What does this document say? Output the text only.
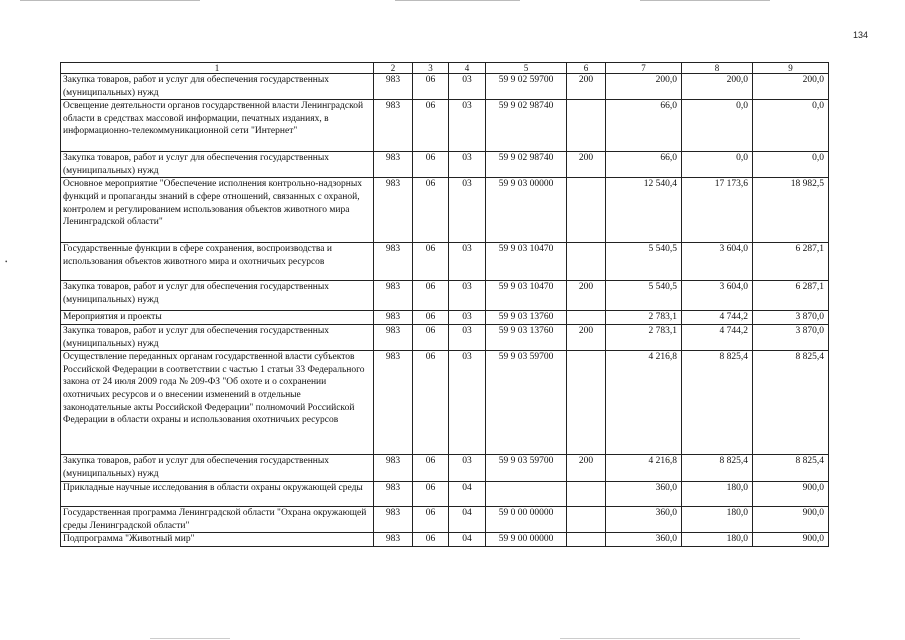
134
•
1	2	3	4	5	6	7	8	9
Закупка товаров, работ и услуг для обеспечения государственных (муниципальных) нужд	983	06	03	59 9 02 59700	200	200,0	200,0	200,0
Освещение деятельности органов государственной власти Ленинградской области в средствах массовой информации, печатных изданиях, в информационно-телекоммуникационной сети "Интернет"	983	06	03	59 9 02 98740		66,0	0,0	0,0
Закупка товаров, работ и услуг для обеспечения государственных (муниципальных) нужд	983	06	03	59 9 02 98740	200	66,0	0,0	0,0
Основное мероприятие "Обеспечение исполнения контрольно-надзорных функций и пропаганды знаний в сфере отношений, связанных с охраной, контролем и регулированием использования объектов животного мира Ленинградской области"	983	06	03	59 9 03 00000		12 540,4	17 173,6	18 982,5
Государственные функции в сфере сохранения, воспроизводства и использования объектов животного мира и охотничьих ресурсов	983	06	03	59 9 03 10470		5 540,5	3 604,0	6 287,1
Закупка товаров, работ и услуг для обеспечения государственных (муниципальных) нужд	983	06	03	59 9 03 10470	200	5 540,5	3 604,0	6 287,1
Мероприятия и проекты	983	06	03	59 9 03 13760		2 783,1	4 744,2	3 870,0
Закупка товаров, работ и услуг для обеспечения государственных (муниципальных) нужд	983	06	03	59 9 03 13760	200	2 783,1	4 744,2	3 870,0
Осуществление переданных органам государственной власти субъектов Российской Федерации в соответствии с частью 1 статьи 33 Федерального закона от 24 июля 2009 года № 209-ФЗ "Об охоте и о сохранении охотничьих ресурсов и о внесении изменений в отдельные законодательные акты Российской Федерации" полномочий Российской Федерации в области охраны и использования охотничьих ресурсов	983	06	03	59 9 03 59700		4 216,8	8 825,4	8 825,4
Закупка товаров, работ и услуг для обеспечения государственных (муниципальных) нужд	983	06	03	59 9 03 59700	200	4 216,8	8 825,4	8 825,4
Прикладные научные исследования в области охраны окружающей среды	983	06	04			360,0	180,0	900,0
Государственная программа Ленинградской области "Охрана окружающей среды Ленинградской области"	983	06	04	59 0 00 00000		360,0	180,0	900,0
Подпрограмма "Животный мир"	983	06	04	59 9 00 00000		360,0	180,0	900,0
